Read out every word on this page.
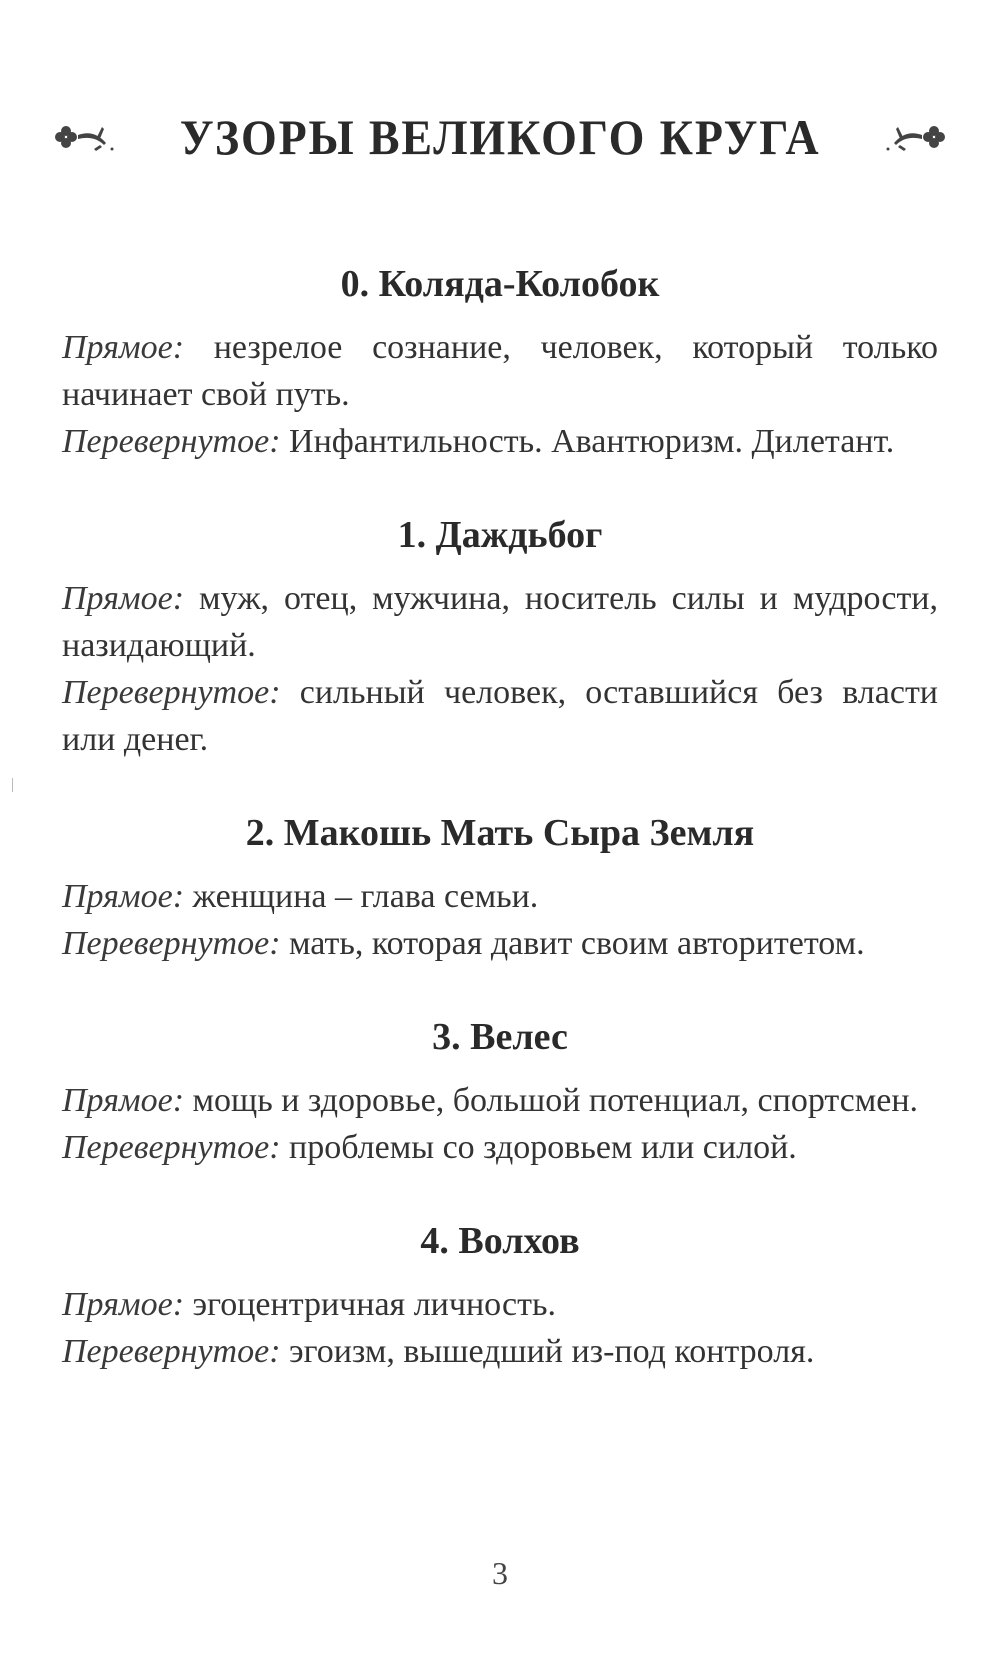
УЗОРЫ ВЕЛИКОГО КРУГА
0. Коляда-Колобок

Прямое: незрелое сознание, человек, который только начинает свой путь.

Перевернутое: Инфантильность. Авантюризм. Дилетант.

1. Даждьбог

Прямое: муж, отец, мужчина, носитель силы и мудрости, назидающий.

Перевернутое: сильный человек, оставшийся без власти или денег.

2. Макошь Мать Сыра Земля

Прямое: женщина – глава семьи.

Перевернутое: мать, которая давит своим авторитетом.

3. Велес

Прямое: мощь и здоровье, большой потенциал, спортсмен.

Перевернутое: проблемы со здоровьем или силой.

4. Волхов

Прямое: эгоцентричная личность.

Перевернутое: эгоизм, вышедший из-под контроля.

3
